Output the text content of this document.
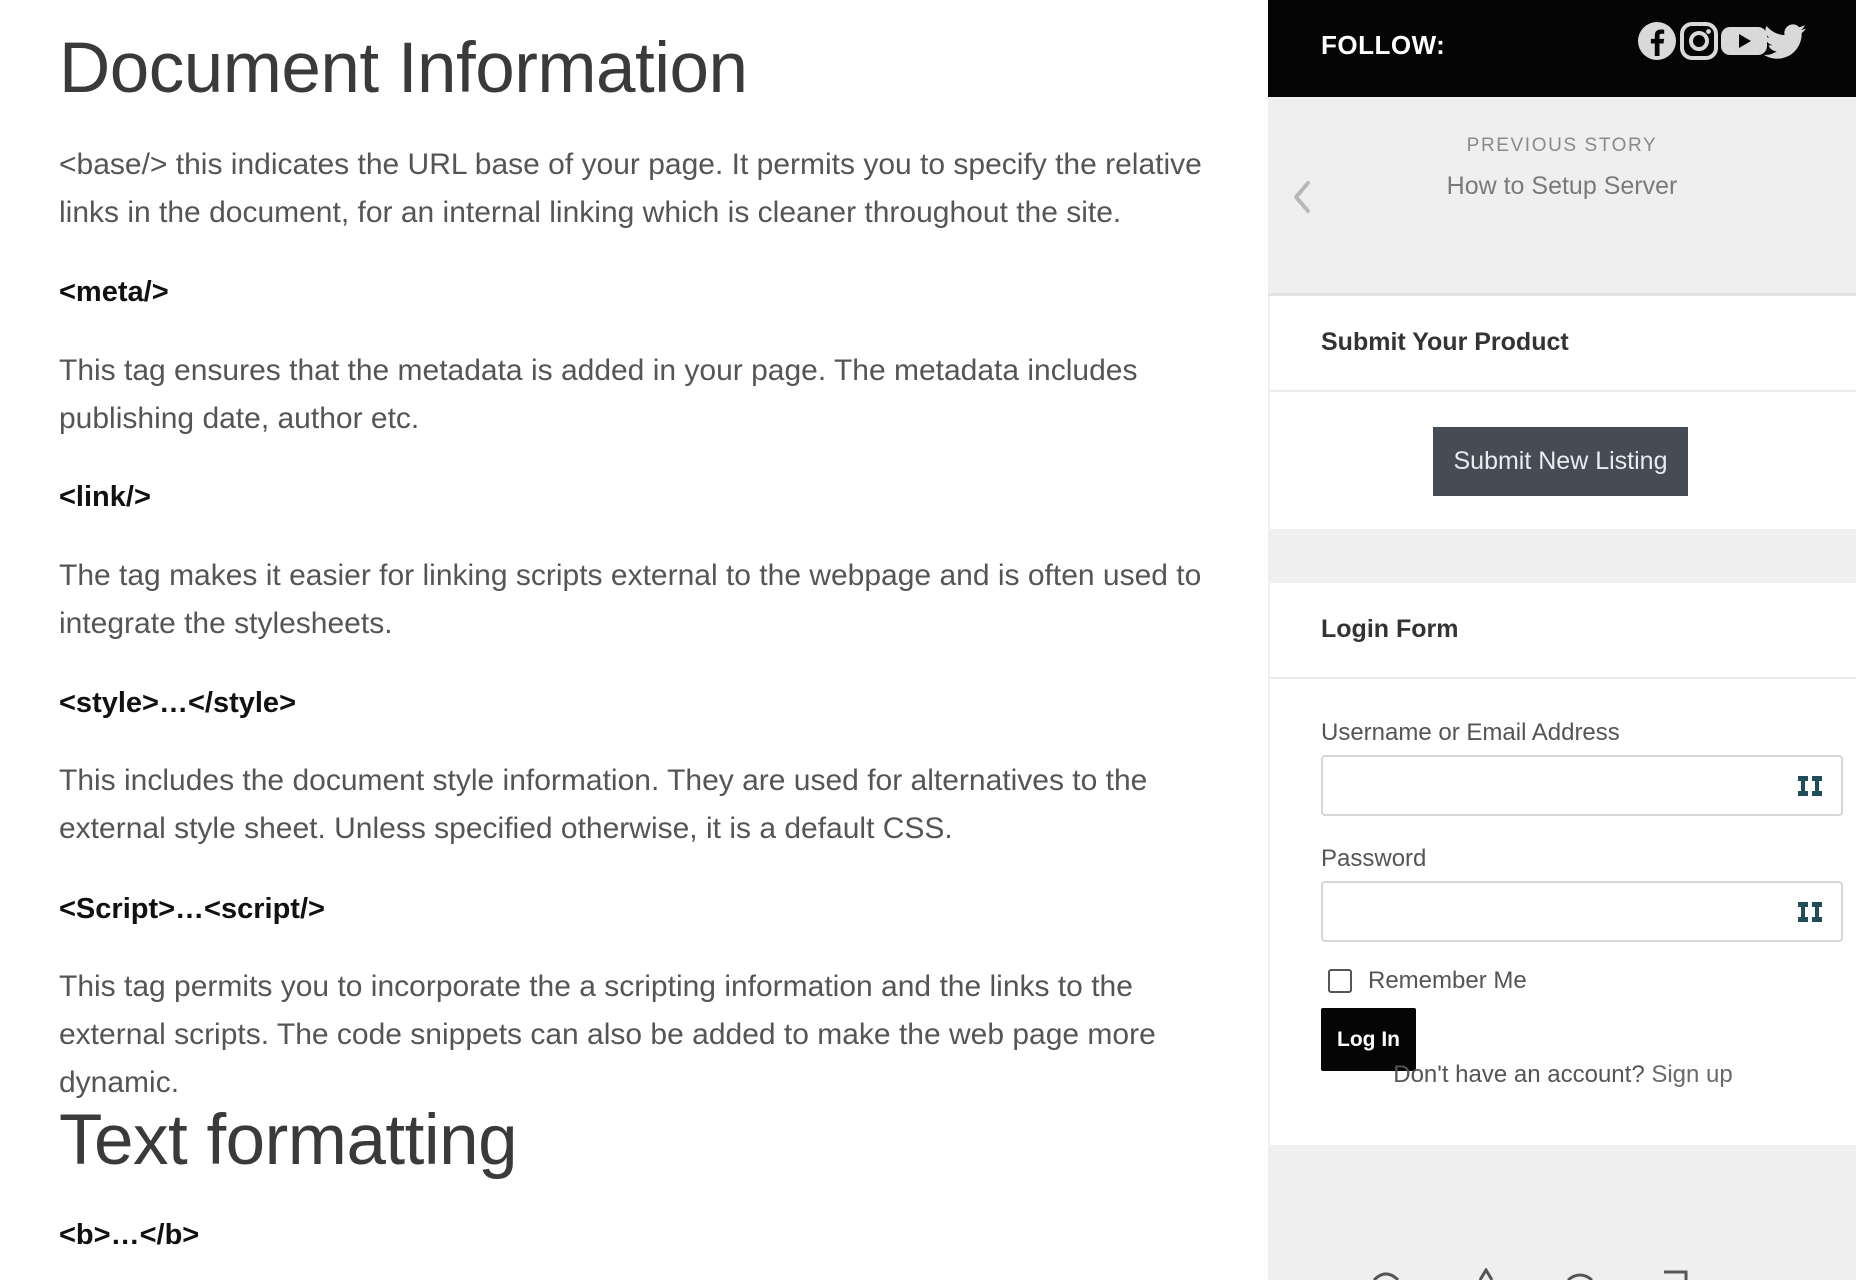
Document Information

<base/> this indicates the URL base of your page. It permits you to specify the relative links in the document, for an internal linking which is cleaner throughout the site.

<meta/>

This tag ensures that the metadata is added in your page. The metadata includes publishing date, author etc.

<link/>

The tag makes it easier for linking scripts external to the webpage and is often used to integrate the stylesheets.

<style>…</style>

This includes the document style information. They are used for alternatives to the external style sheet. Unless specified otherwise, it is a default CSS.

<Script>…<script/>

This tag permits you to incorporate the a scripting information and the links to the external scripts. The code snippets can also be added to make the web page more dynamic.

Text formatting
<b>…</b>
FOLLOW:
PREVIOUS STORY
How to Setup Server
Submit Your Product
Submit New Listing
Login Form
Username or Email Address
Password
Remember Me
Log In
Don't have an account? Sign up
